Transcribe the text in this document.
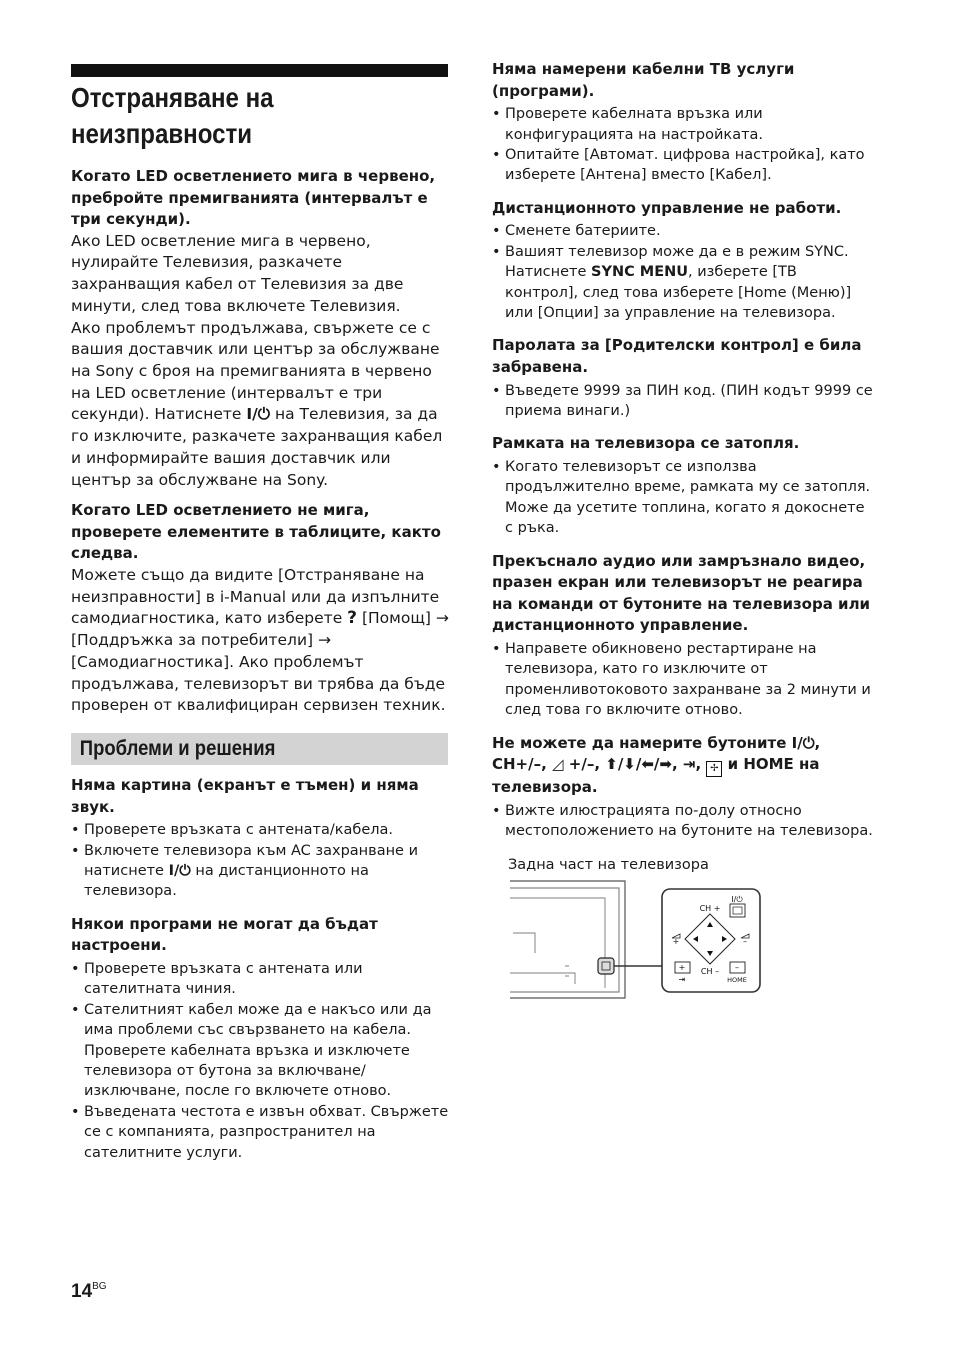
Отстраняване на неизправности

Когато LED осветлението мига в червено, пребройте премигванията (интервалът е три секунди).

Ако LED осветление мига в червено, нулирайте Телевизия, разкачете захранващия кабел от Телевизия за две минути, след това включете Телевизия.

Ако проблемът продължава, свържете се с вашия доставчик или център за обслужване на Sony с броя на премигванията в червено на LED осветление (интервалът е три секунди). Натиснете I/⏻ на Телевизия, за да го изключите, разкачете захранващия кабел и информирайте вашия доставчик или център за обслужване на Sony.

Когато LED осветлението не мига, проверете елементите в таблиците, както следва.

Можете също да видите [Отстраняване на неизправности] в i-Manual или да изпълните самодиагностика, като изберете ? [Помощ] → [Поддръжка за потребители] → [Самодиагностика]. Ако проблемът продължава, телевизорът ви трябва да бъде проверен от квалифициран сервизен техник.

Проблеми и решения

Няма картина (екранът е тъмен) и няма звук.

• Проверете връзката с антената/кабела.
• Включете телевизора към AC захранване и натиснете I/⏻ на дистанционното на телевизора.

Някои програми не могат да бъдат настроени.

• Проверете връзката с антената или сателитната чиния.
• Сателитният кабел може да е накъсо или да има проблеми със свързването на кабела. Проверете кабелната връзка и изключете телевизора от бутона за включване/ изключване, после го включете отново.
• Въведената честота е извън обхват. Свържете се с компанията, разпространител на сателитните услуги.

Няма намерени кабелни ТВ услуги (програми).

• Проверете кабелната връзка или конфигурацията на настройката.
• Опитайте [Автомат. цифрова настройка], като изберете [Антена] вместо [Кабел].

Дистанционното управление не работи.

• Сменете батериите.
• Вашият телевизор може да е в режим SYNC. Натиснете SYNC MENU, изберете [ТВ контрол], след това изберете [Home (Меню)] или [Опции] за управление на телевизора.

Паролата за [Родителски контрол] е била забравена.

• Въведете 9999 за ПИН код. (ПИН кодът 9999 се приема винаги.)

Рамката на телевизора се затопля.

• Когато телевизорът се използва продължително време, рамката му се затопля. Може да усетите топлина, когато я докоснете с ръка.

Прекъснало аудио или замръзнало видео, празен екран или телевизорът не реагира на команди от бутоните на телевизора или дистанционното управление.

• Направете обикновено рестартиране на телевизора, като го изключите от променливотоковото захранване за 2 минути и след това го включите отново.

Не можете да намерите бутоните I/⏻, CH+/–, ◿ +/–, ⬆/⬇/⬅/➡, ⇥, ✢ и HOME на телевизора.

• Вижте илюстрацията по-долу относно местоположението на бутоните на телевизора.
Задна част на телевизора
I/⏻
CH +
+	–
+
⇥
CH – –
HOME
$14^{BG}$
